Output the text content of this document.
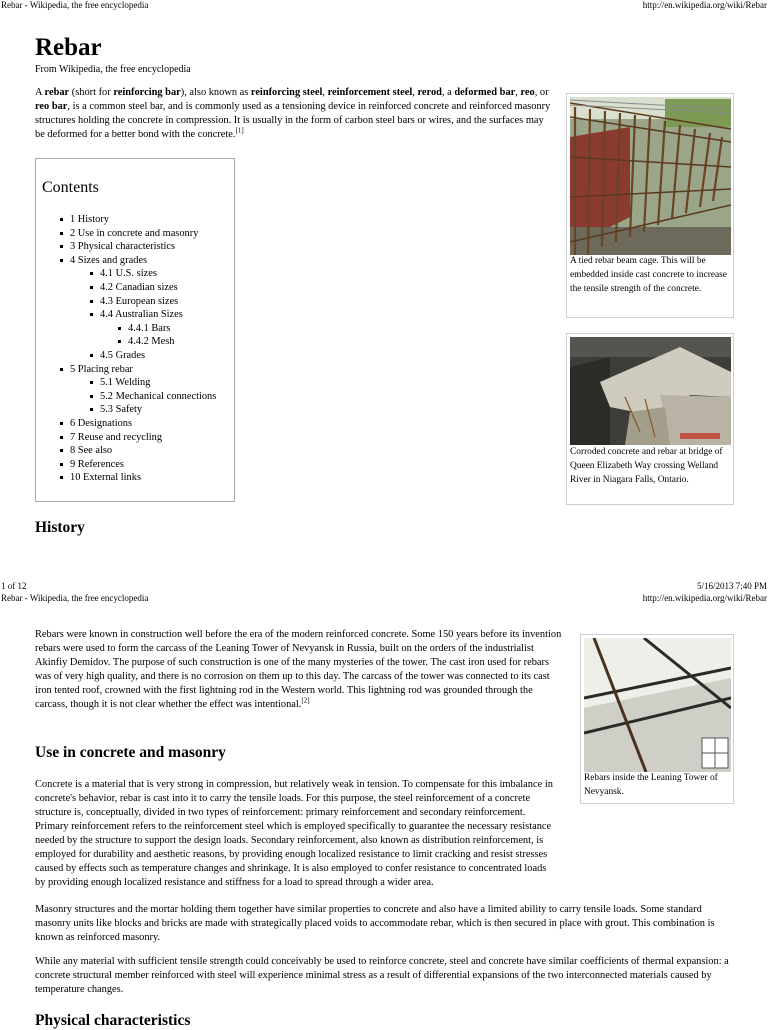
Rebar - Wikipedia, the free encyclopedia	http://en.wikipedia.org/wiki/Rebar
Rebar
From Wikipedia, the free encyclopedia

A rebar (short for reinforcing bar), also known as reinforcing steel, reinforcement steel, rerod, a deformed bar, reo, or reo bar, is a common steel bar, and is commonly used as a tensioning device in reinforced concrete and reinforced masonry structures holding the concrete in compression. It is usually in the form of carbon steel bars or wires, and the surfaces may be deformed for a better bond with the concrete.[1]

Contents
1 History
2 Use in concrete and masonry
3 Physical characteristics
4 Sizes and grades
4.1 U.S. sizes
4.2 Canadian sizes
4.3 European sizes
4.4 Australian Sizes
4.4.1 Bars
4.4.2 Mesh
4.5 Grades
5 Placing rebar
5.1 Welding
5.2 Mechanical connections
5.3 Safety
6 Designations
7 Reuse and recycling
8 See also
9 References
10 External links
History
A tied rebar beam cage. This will be embedded inside cast concrete to increase the tensile strength of the concrete.
Corroded concrete and rebar at bridge of Queen Elizabeth Way crossing Welland River in Niagara Falls, Ontario.
1 of 12	5/16/2013 7:40 PM
Rebar - Wikipedia, the free encyclopedia	http://en.wikipedia.org/wiki/Rebar

Rebars were known in construction well before the era of the modern reinforced concrete. Some 150 years before its invention rebars were used to form the carcass of the Leaning Tower of Nevyansk in Russia, built on the orders of the industrialist Akinfiy Demidov. The purpose of such construction is one of the many mysteries of the tower. The cast iron used for rebars was of very high quality, and there is no corrosion on them up to this day. The carcass of the tower was connected to its cast iron tented roof, crowned with the first lightning rod in the Western world. This lightning rod was grounded through the carcass, though it is not clear whether the effect was intentional.[2]

Rebars inside the Leaning Tower of Nevyansk.
Use in concrete and masonry

Concrete is a material that is very strong in compression, but relatively weak in tension. To compensate for this imbalance in concrete's behavior, rebar is cast into it to carry the tensile loads. For this purpose, the steel reinforcement of a concrete structure is, conceptually, divided in two types of reinforcement: primary reinforcement and secondary reinforcement. Primary reinforcement refers to the reinforcement steel which is employed specifically to guarantee the necessary resistance needed by the structure to support the design loads. Secondary reinforcement, also known as distribution reinforcement, is employed for durability and aesthetic reasons, by providing enough localized resistance to limit cracking and resist stresses caused by effects such as temperature changes and shrinkage. It is also employed to confer resistance to concentrated loads by providing enough localized resistance and stiffness for a load to spread through a wider area.

Masonry structures and the mortar holding them together have similar properties to concrete and also have a limited ability to carry tensile loads. Some standard masonry units like blocks and bricks are made with strategically placed voids to accommodate rebar, which is then secured in place with grout. This combination is known as reinforced masonry.

While any material with sufficient tensile strength could conceivably be used to reinforce concrete, steel and concrete have similar coefficients of thermal expansion: a concrete structural member reinforced with steel will experience minimal stress as a result of differential expansions of the two interconnected materials caused by temperature changes.

Physical characteristics
